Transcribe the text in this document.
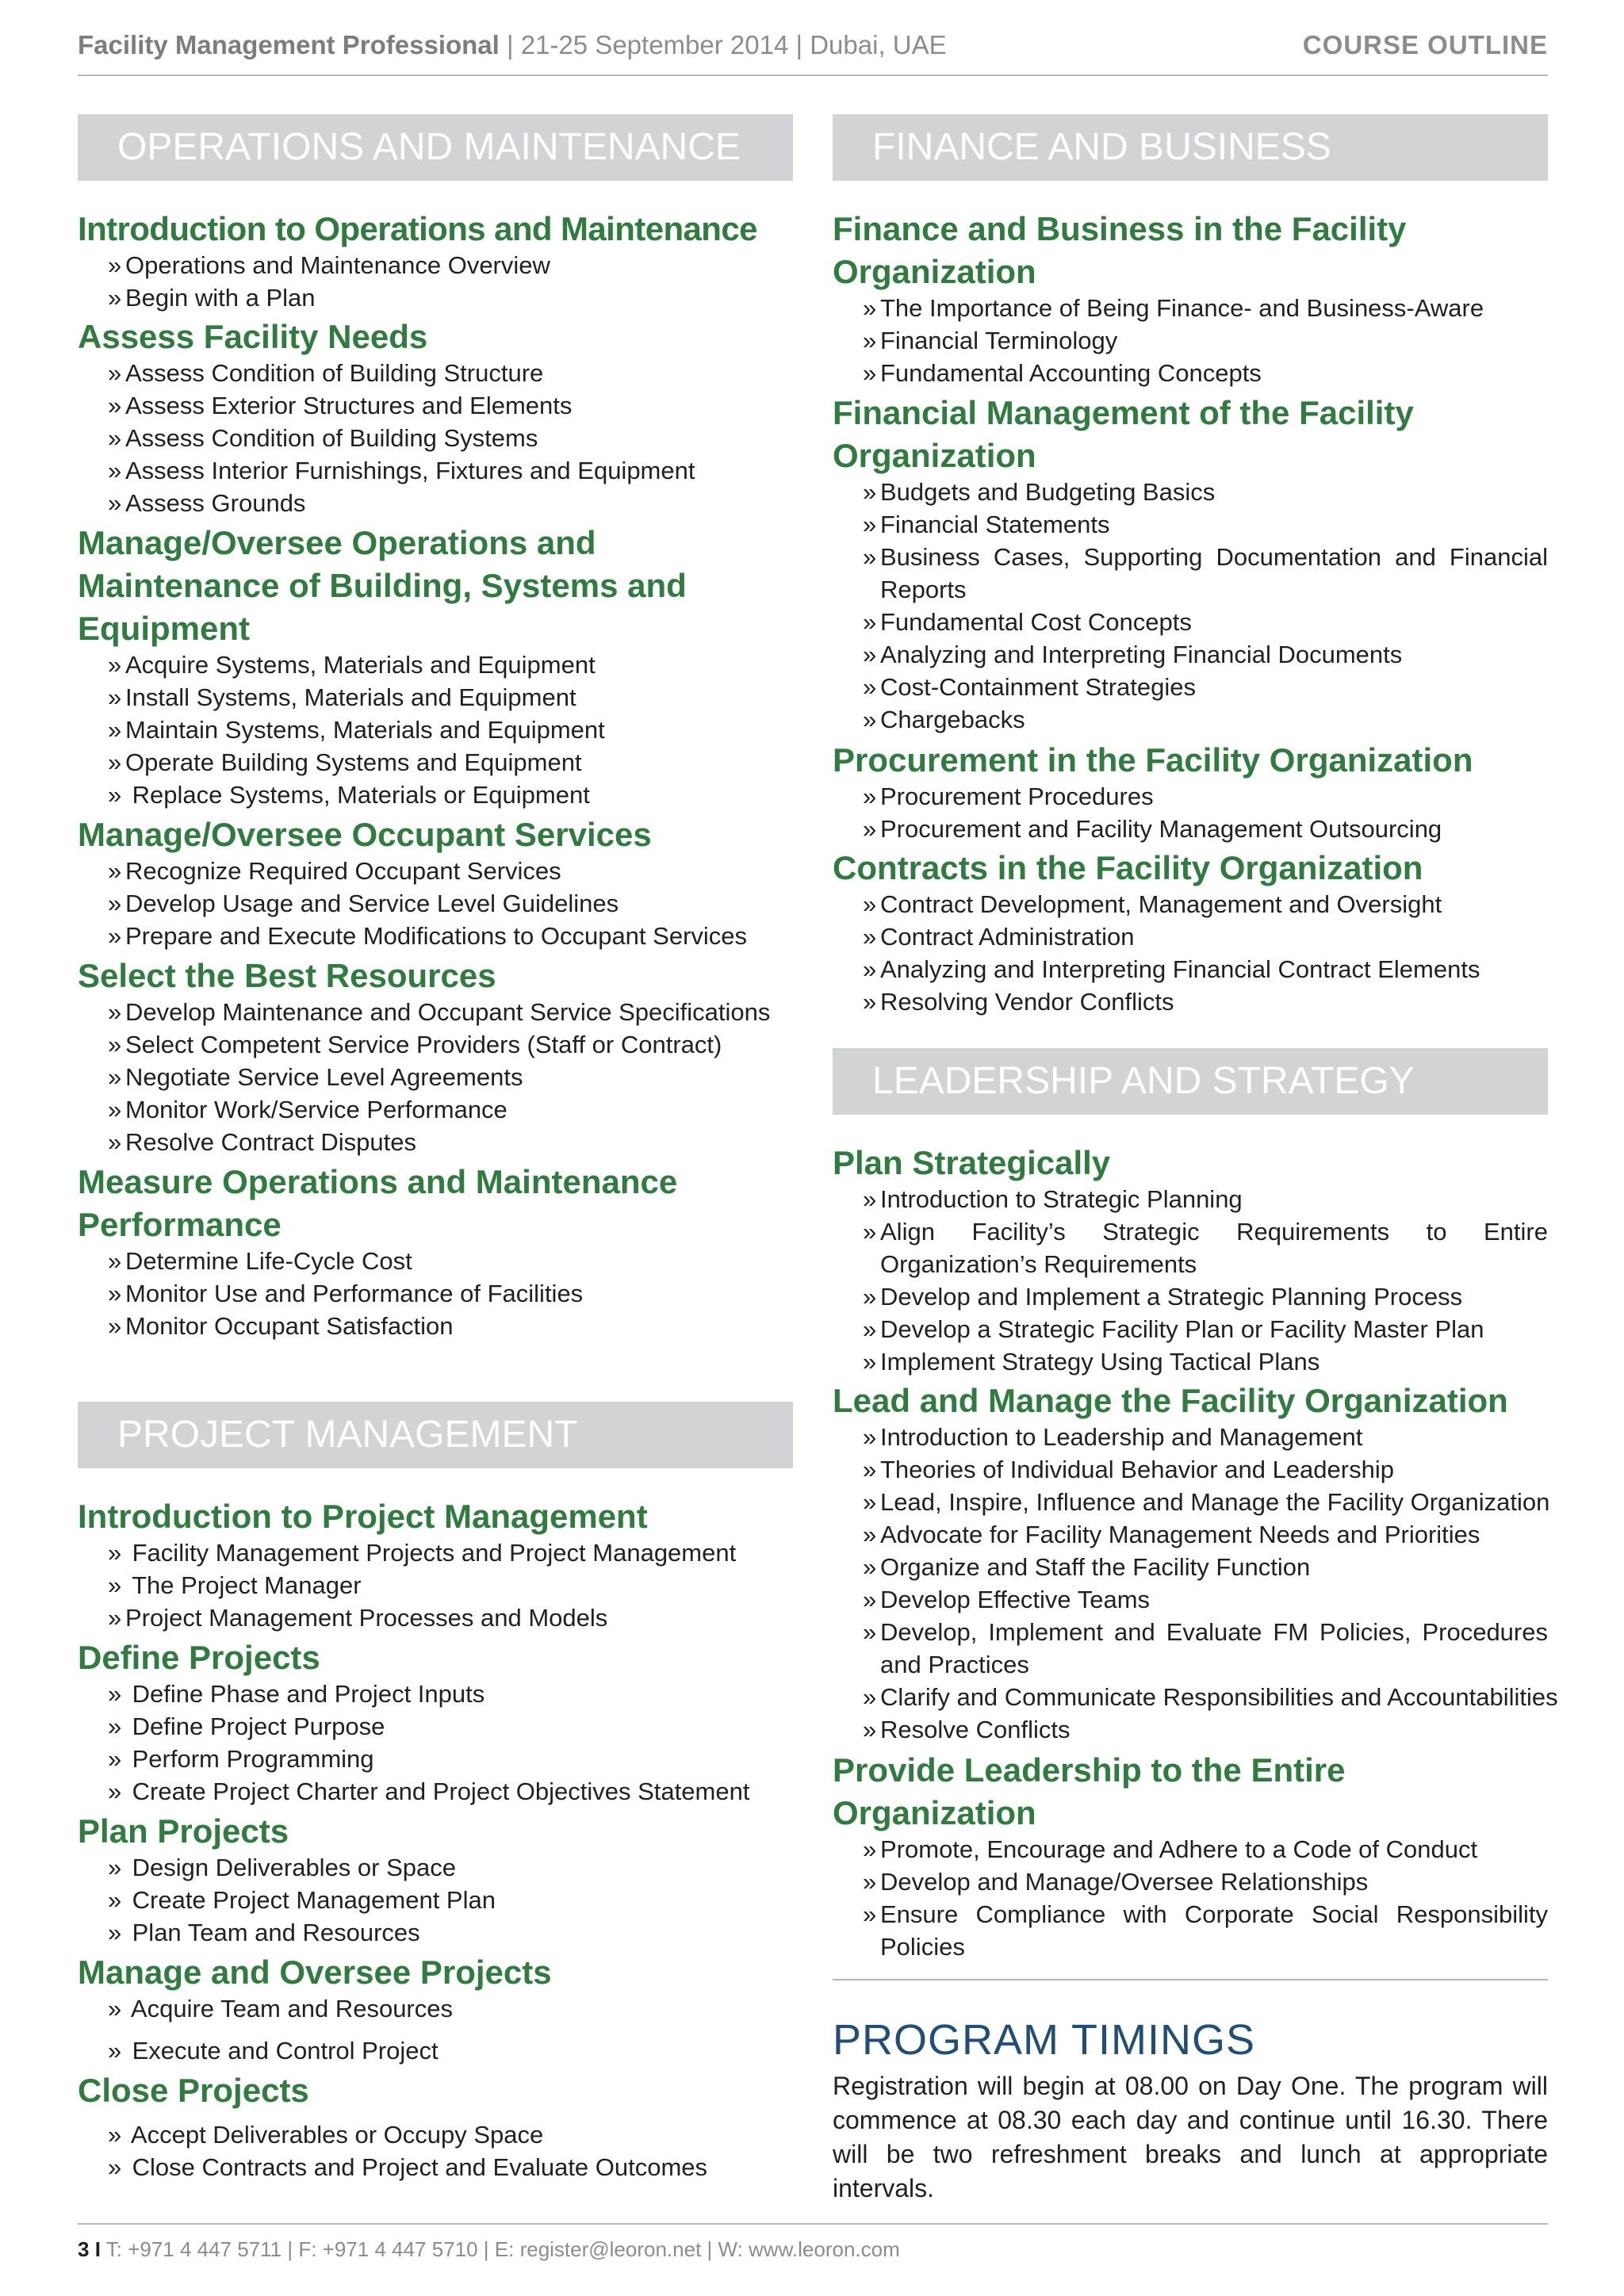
Facility Management Professional | 21-25 September 2014 | Dubai, UAE	COURSE OUTLINE
OPERATIONS AND MAINTENANCE
Introduction to Operations and Maintenance
» Operations and Maintenance Overview
» Begin with a Plan
Assess Facility Needs
» Assess Condition of Building Structure
» Assess Exterior Structures and Elements
» Assess Condition of Building Systems
» Assess Interior Furnishings, Fixtures and Equipment
» Assess Grounds
Manage/Oversee Operations and Maintenance of Building, Systems and Equipment
» Acquire Systems, Materials and Equipment
» Install Systems, Materials and Equipment
» Maintain Systems, Materials and Equipment
» Operate Building Systems and Equipment
» Replace Systems, Materials or Equipment
Manage/Oversee Occupant Services
» Recognize Required Occupant Services
» Develop Usage and Service Level Guidelines
» Prepare and Execute Modifications to Occupant Services
Select the Best Resources
» Develop Maintenance and Occupant Service Specifications
» Select Competent Service Providers (Staff or Contract)
» Negotiate Service Level Agreements
» Monitor Work/Service Performance
» Resolve Contract Disputes
Measure Operations and Maintenance Performance
» Determine Life-Cycle Cost
» Monitor Use and Performance of Facilities
» Monitor Occupant Satisfaction
PROJECT MANAGEMENT
Introduction to Project Management
» Facility Management Projects and Project Management
» The Project Manager
» Project Management Processes and Models
Define Projects
» Define Phase and Project Inputs
» Define Project Purpose
» Perform Programming
» Create Project Charter and Project Objectives Statement
Plan Projects
» Design Deliverables or Space
» Create Project Management Plan
» Plan Team and Resources
Manage and Oversee Projects
» Acquire Team and Resources
» Execute and Control Project
Close Projects
» Accept Deliverables or Occupy Space
» Close Contracts and Project and Evaluate Outcomes
FINANCE AND BUSINESS
Finance and Business in the Facility Organization
» The Importance of Being Finance- and Business-Aware
» Financial Terminology
» Fundamental Accounting Concepts
Financial Management of the Facility Organization
» Budgets and Budgeting Basics
» Financial Statements
» Business Cases, Supporting Documentation and Financial Reports
» Fundamental Cost Concepts
» Analyzing and Interpreting Financial Documents
» Cost-Containment Strategies
» Chargebacks
Procurement in the Facility Organization
» Procurement Procedures
» Procurement and Facility Management Outsourcing
Contracts in the Facility Organization
» Contract Development, Management and Oversight
» Contract Administration
» Analyzing and Interpreting Financial Contract Elements
» Resolving Vendor Conflicts
LEADERSHIP AND STRATEGY
Plan Strategically
» Introduction to Strategic Planning
» Align Facility’s Strategic Requirements to Entire Organization’s Requirements
» Develop and Implement a Strategic Planning Process
» Develop a Strategic Facility Plan or Facility Master Plan
» Implement Strategy Using Tactical Plans
Lead and Manage the Facility Organization
» Introduction to Leadership and Management
» Theories of Individual Behavior and Leadership
» Lead, Inspire, Influence and Manage the Facility Organization
» Advocate for Facility Management Needs and Priorities
» Organize and Staff the Facility Function
» Develop Effective Teams
» Develop, Implement and Evaluate FM Policies, Procedures and Practices
» Clarify and Communicate Responsibilities and Accountabilities
» Resolve Conflicts
Provide Leadership to the Entire Organization
» Promote, Encourage and Adhere to a Code of Conduct
» Develop and Manage/Oversee Relationships
» Ensure Compliance with Corporate Social Responsibility Policies
PROGRAM TIMINGS
Registration will begin at 08.00 on Day One. The program will commence at 08.30 each day and continue until 16.30. There will be two refreshment breaks and lunch at appropriate intervals.
3 I T: +971 4 447 5711 | F: +971 4 447 5710 | E: register@leoron.net | W: www.leoron.com
